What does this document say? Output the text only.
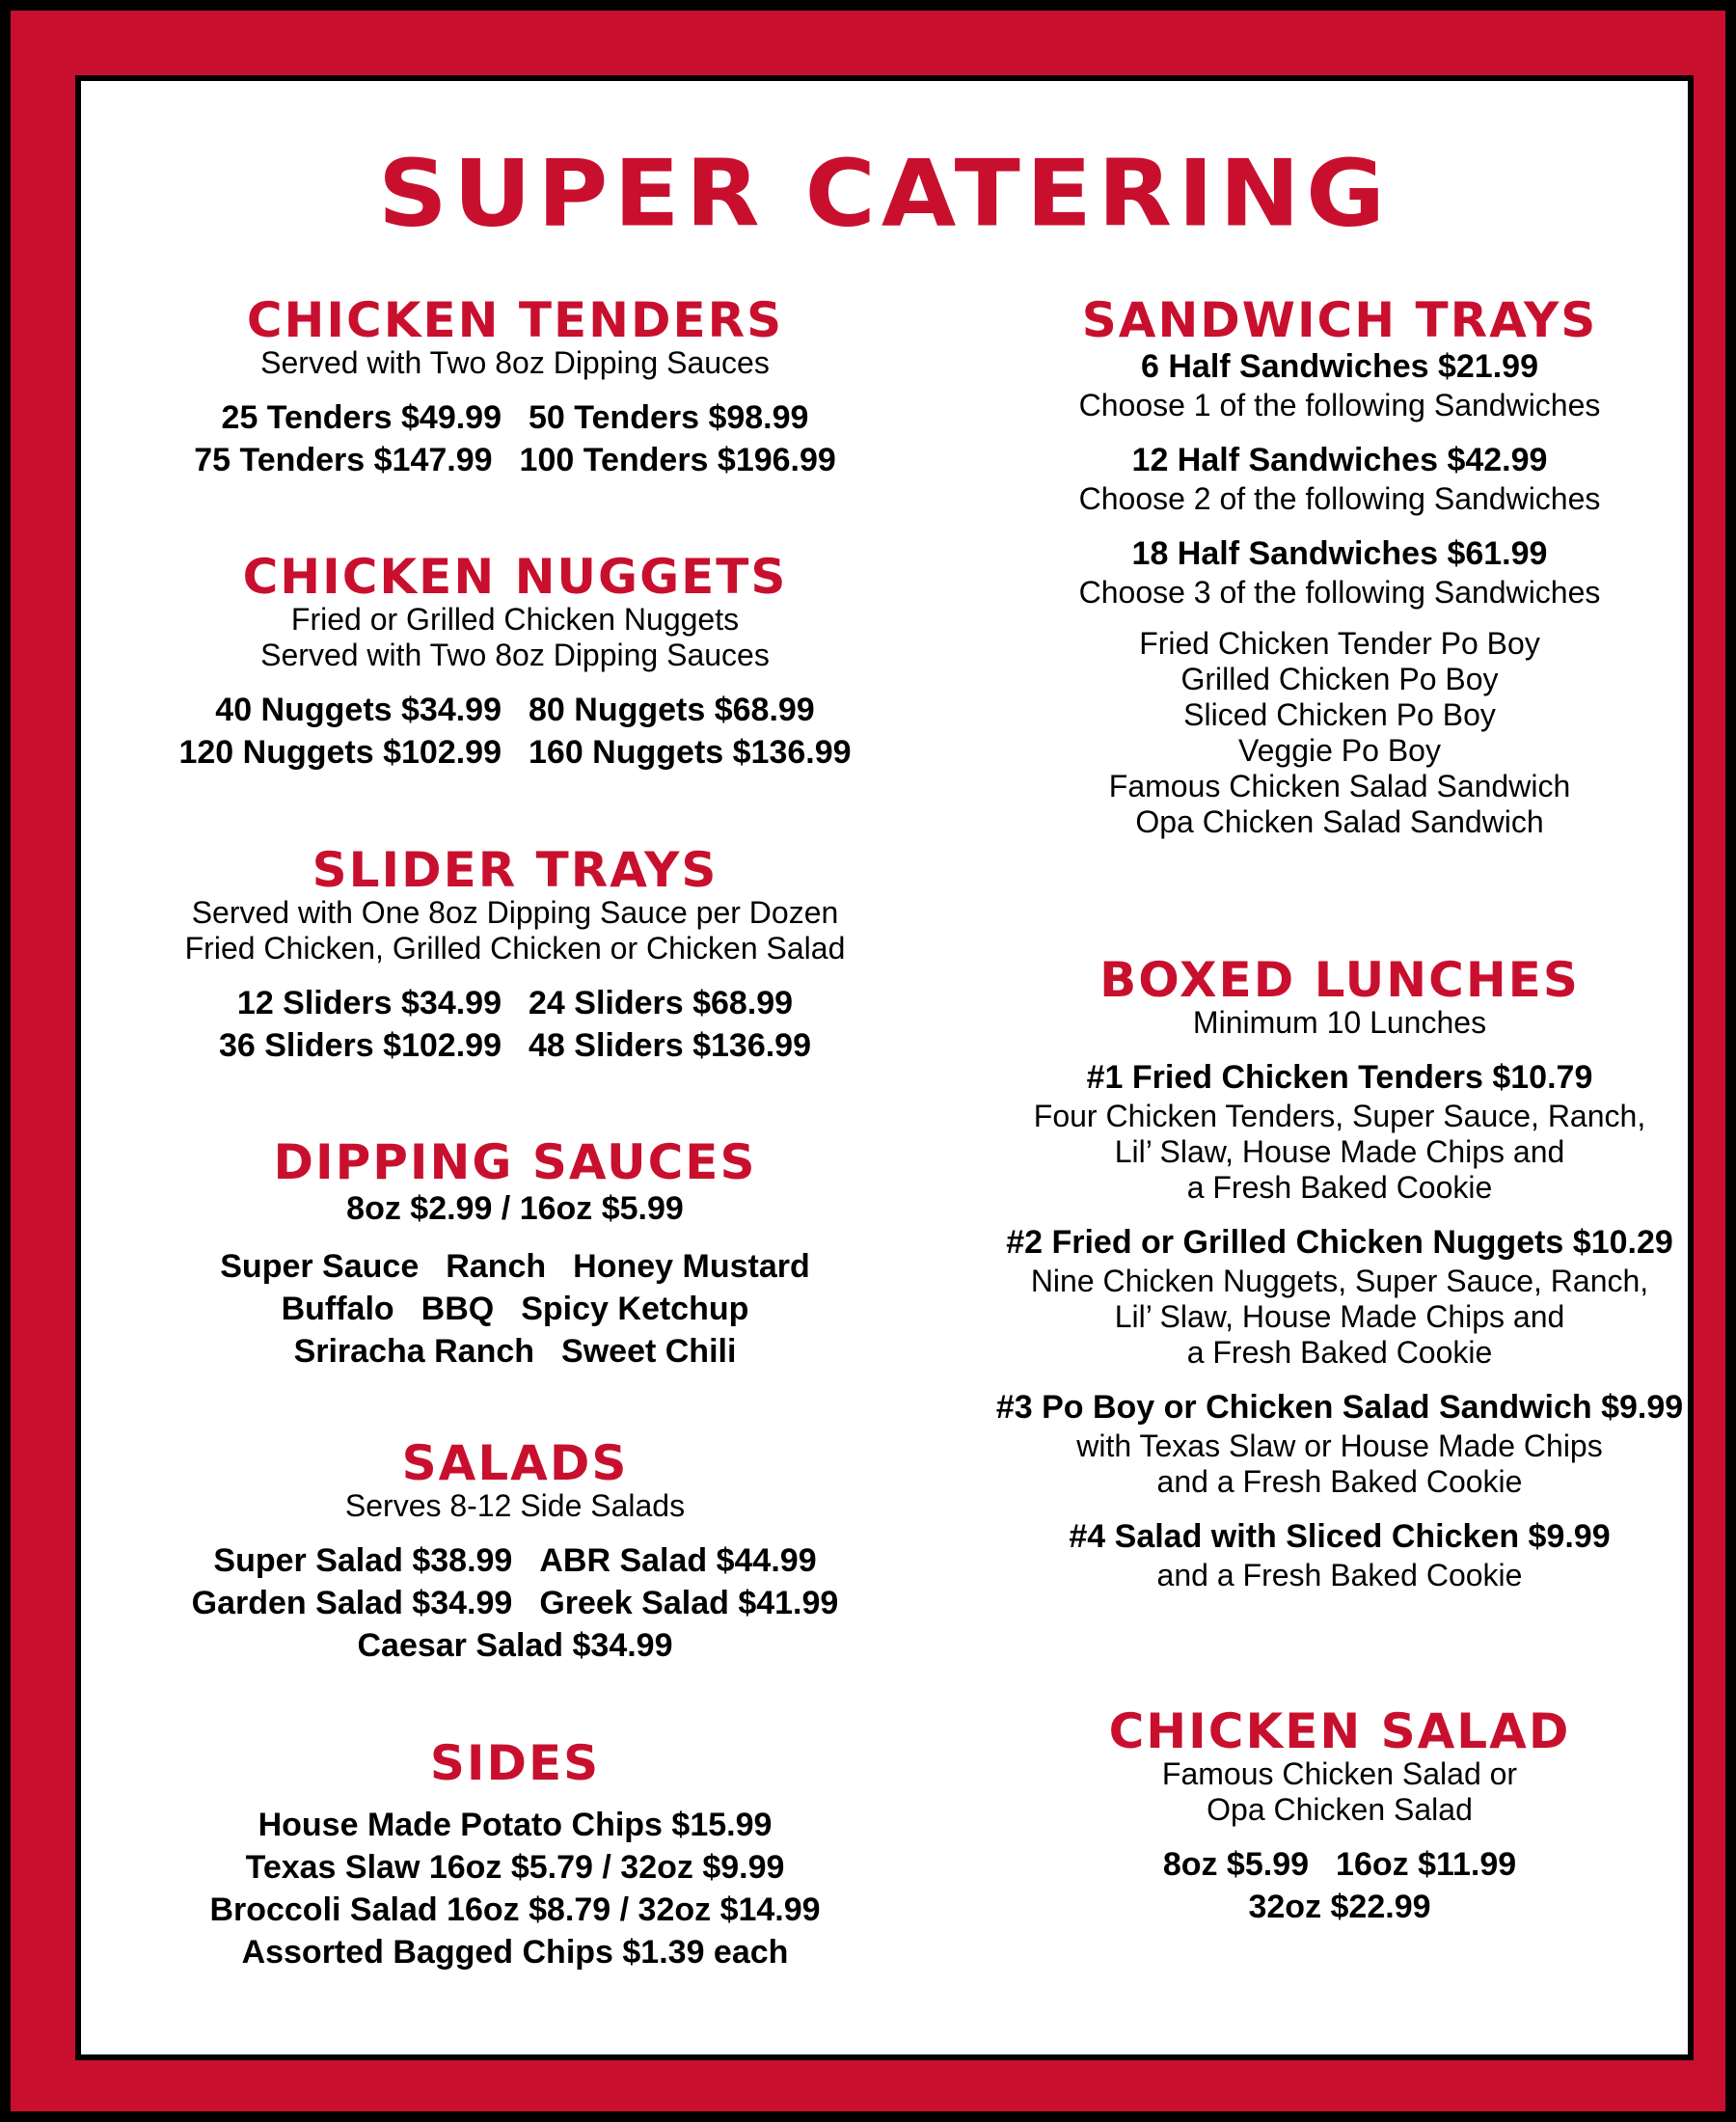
SUPER CATERING
CHICKEN TENDERS
Served with Two 8oz Dipping Sauces
25 Tenders $49.99 50 Tenders $98.99
75 Tenders $147.99 100 Tenders $196.99
CHICKEN NUGGETS
Fried or Grilled Chicken Nuggets
Served with Two 8oz Dipping Sauces
40 Nuggets $34.99 80 Nuggets $68.99
120 Nuggets $102.99 160 Nuggets $136.99
SLIDER TRAYS
Served with One 8oz Dipping Sauce per Dozen
Fried Chicken, Grilled Chicken or Chicken Salad
12 Sliders $34.99 24 Sliders $68.99
36 Sliders $102.99 48 Sliders $136.99
DIPPING SAUCES
8oz $2.99 / 16oz $5.99
Super Sauce Ranch Honey Mustard
Buffalo BBQ Spicy Ketchup
Sriracha Ranch Sweet Chili
SALADS
Serves 8-12 Side Salads
Super Salad $38.99 ABR Salad $44.99
Garden Salad $34.99 Greek Salad $41.99
Caesar Salad $34.99
SIDES
House Made Potato Chips $15.99
Texas Slaw 16oz $5.79 / 32oz $9.99
Broccoli Salad 16oz $8.79 / 32oz $14.99
Assorted Bagged Chips $1.39 each
SANDWICH TRAYS
6 Half Sandwiches $21.99
Choose 1 of the following Sandwiches
12 Half Sandwiches $42.99
Choose 2 of the following Sandwiches
18 Half Sandwiches $61.99
Choose 3 of the following Sandwiches
Fried Chicken Tender Po Boy
Grilled Chicken Po Boy
Sliced Chicken Po Boy
Veggie Po Boy
Famous Chicken Salad Sandwich
Opa Chicken Salad Sandwich
BOXED LUNCHES
Minimum 10 Lunches
#1 Fried Chicken Tenders $10.79
Four Chicken Tenders, Super Sauce, Ranch,
Lil’ Slaw, House Made Chips and
a Fresh Baked Cookie
#2 Fried or Grilled Chicken Nuggets $10.29
Nine Chicken Nuggets, Super Sauce, Ranch,
Lil’ Slaw, House Made Chips and
a Fresh Baked Cookie
#3 Po Boy or Chicken Salad Sandwich $9.99
with Texas Slaw or House Made Chips
and a Fresh Baked Cookie
#4 Salad with Sliced Chicken $9.99
and a Fresh Baked Cookie
CHICKEN SALAD
Famous Chicken Salad or
Opa Chicken Salad
8oz $5.99 16oz $11.99
32oz $22.99
